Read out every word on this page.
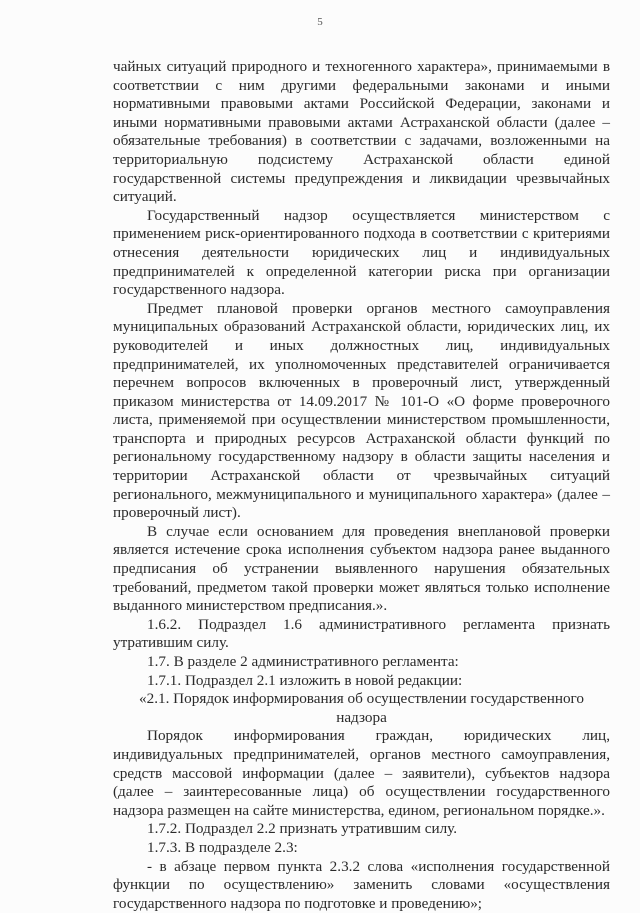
5

чайных ситуаций природного и техногенного характера», принимаемыми в соответствии с ним другими федеральными законами и иными нормативными правовыми актами Российской Федерации, законами и иными нормативными правовыми актами Астраханской области (далее – обязательные требования) в соответствии с задачами, возложенными на территориальную подсистему Астраханской области единой государственной системы предупреждения и ликвидации чрезвычайных ситуаций.

Государственный надзор осуществляется министерством с применением риск-ориентированного подхода в соответствии с критериями отнесения деятельности юридических лиц и индивидуальных предпринимателей к определенной категории риска при организации государственного надзора.

Предмет плановой проверки органов местного самоуправления муниципальных образований Астраханской области, юридических лиц, их руководителей и иных должностных лиц, индивидуальных предпринимателей, их уполномоченных представителей ограничивается перечнем вопросов включенных в проверочный лист, утвержденный приказом министерства от 14.09.2017 № 101-О «О форме проверочного листа, применяемой при осуществлении министерством промышленности, транспорта и природных ресурсов Астраханской области функций по региональному государственному надзору в области защиты населения и территории Астраханской области от чрезвычайных ситуаций регионального, межмуниципального и муниципального характера» (далее – проверочный лист).

В случае если основанием для проведения внеплановой проверки является истечение срока исполнения субъектом надзора ранее выданного предписания об устранении выявленного нарушения обязательных требований, предметом такой проверки может являться только исполнение выданного министерством предписания.».

1.6.2. Подраздел 1.6 административного регламента признать утратившим силу.

1.7. В разделе 2 административного регламента:

1.7.1. Подраздел 2.1 изложить в новой редакции:

«2.1. Порядок информирования об осуществлении государственного

надзора

Порядок информирования граждан, юридических лиц, индивидуальных предпринимателей, органов местного самоуправления, средств массовой информации (далее – заявители), субъектов надзора (далее – заинтересованные лица) об осуществлении государственного надзора размещен на сайте министерства, едином, региональном порядке.».

1.7.2. Подраздел 2.2 признать утратившим силу.

1.7.3. В подразделе 2.3:

- в абзаце первом пункта 2.3.2 слова «исполнения государственной функции по осуществлению» заменить словами «осуществления государственного надзора по подготовке и проведению»;
